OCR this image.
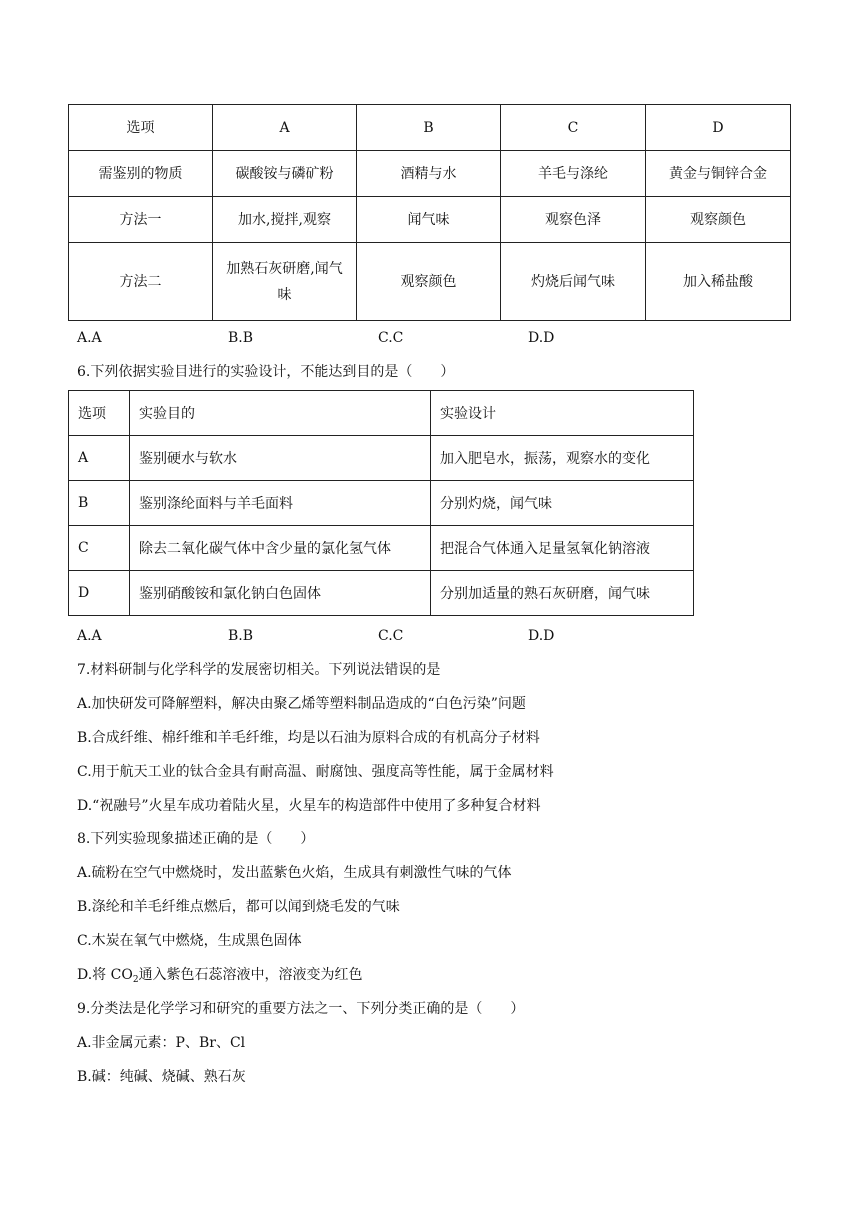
选项	A	B	C	D
需鉴别的物质	碳酸铵与磷矿粉	酒精与水	羊毛与涤纶	黄金与铜锌合金
方法一	加水,搅拌,观察	闻气味	观察色泽	观察颜色
方法二	加熟石灰研磨,闻气味	观察颜色	灼烧后闻气味	加入稀盐酸
A.A	B.B	C.C	D.D
6.下列依据实验目进行的实验设计，不能达到目的是（　　）
选项	实验目的	实验设计
A	鉴别硬水与软水	加入肥皂水，振荡，观察水的变化
B	鉴别涤纶面料与羊毛面料	分别灼烧，闻气味
C	除去二氧化碳气体中含少量的氯化氢气体	把混合气体通入足量氢氧化钠溶液
D	鉴别硝酸铵和氯化钠白色固体	分别加适量的熟石灰研磨，闻气味
A.A	B.B	C.C	D.D
7.材料研制与化学科学的发展密切相关。下列说法错误的是
A.加快研发可降解塑料，解决由聚乙烯等塑料制品造成的“白色污染”问题
B.合成纤维、棉纤维和羊毛纤维，均是以石油为原料合成的有机高分子材料
C.用于航天工业的钛合金具有耐高温、耐腐蚀、强度高等性能，属于金属材料
D.“祝融号”火星车成功着陆火星，火星车的构造部件中使用了多种复合材料
8.下列实验现象描述正确的是（　　）
A.硫粉在空气中燃烧时，发出蓝紫色火焰，生成具有刺激性气味的气体
B.涤纶和羊毛纤维点燃后，都可以闻到烧毛发的气味
C.木炭在氧气中燃烧，生成黑色固体
D.将 $CO_2$通入紫色石蕊溶液中，溶液变为红色
9.分类法是化学学习和研究的重要方法之一、下列分类正确的是（　　）
A.非金属元素：P、Br、Cl
B.碱：纯碱、烧碱、熟石灰
